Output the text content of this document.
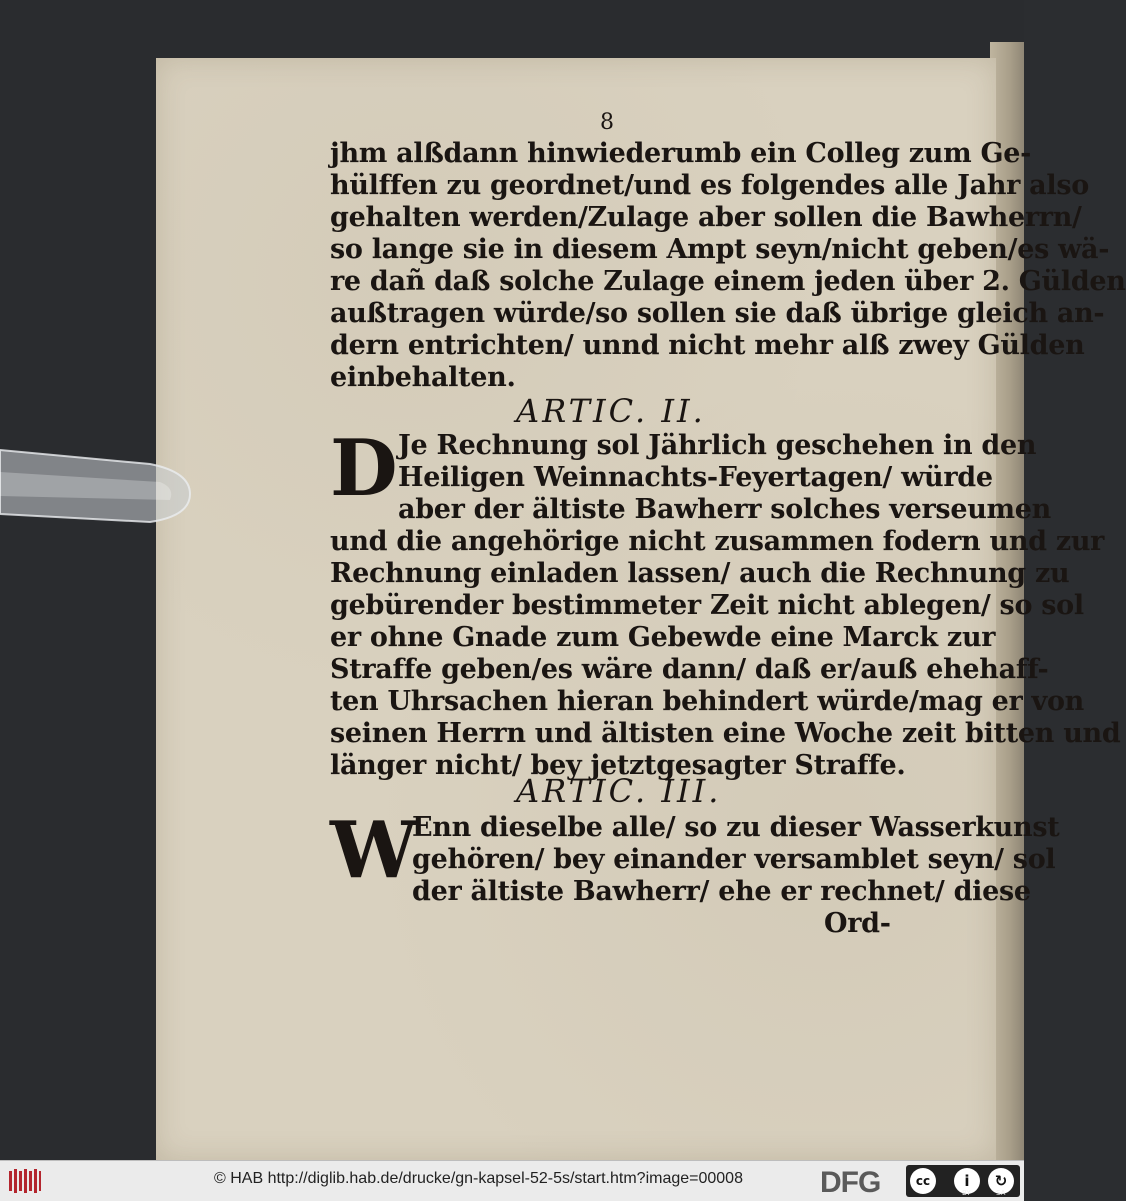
8
jhm alßdann hinwiederumb ein Colleg zum Ge-
hülffen zu geordnet/und es folgendes alle Jahr also
gehalten werden/Zulage aber sollen die Bawherrn/
so lange sie in diesem Ampt seyn/nicht geben/es wä-
re dañ daß solche Zulage einem jeden über 2. Gülden
außtragen würde/so sollen sie daß übrige gleich an-
dern entrichten/ unnd nicht mehr alß zwey Gülden
einbehalten.
ARTIC. II.
D Je Rechnung sol Jährlich geschehen in den
Heiligen Weinnachts-Feyertagen/ würde
aber der ältiste Bawherr solches verseumen
und die angehörige nicht zusammen fodern und zur
Rechnung einladen lassen/ auch die Rechnung zu
gebürender bestimmeter Zeit nicht ablegen/ so sol
er ohne Gnade zum Gebewde eine Marck zur
Straffe geben/es wäre dann/ daß er/auß ehehaff-
ten Uhrsachen hieran behindert würde/mag er von
seinen Herrn und ältisten eine Woche zeit bitten und
länger nicht/ bey jetztgesagter Straffe.
ARTIC. III.
W
Enn dieselbe alle/ so zu dieser Wasserkunst
gehören/ bey einander versamblet seyn/ sol
der ältiste Bawherr/ ehe er rechnet/ diese
Ord-
© HAB http://diglib.hab.de/drucke/gn-kapsel-52-5s/start.htm?image=00008	DFG	cc	i	↻
BY	SA
